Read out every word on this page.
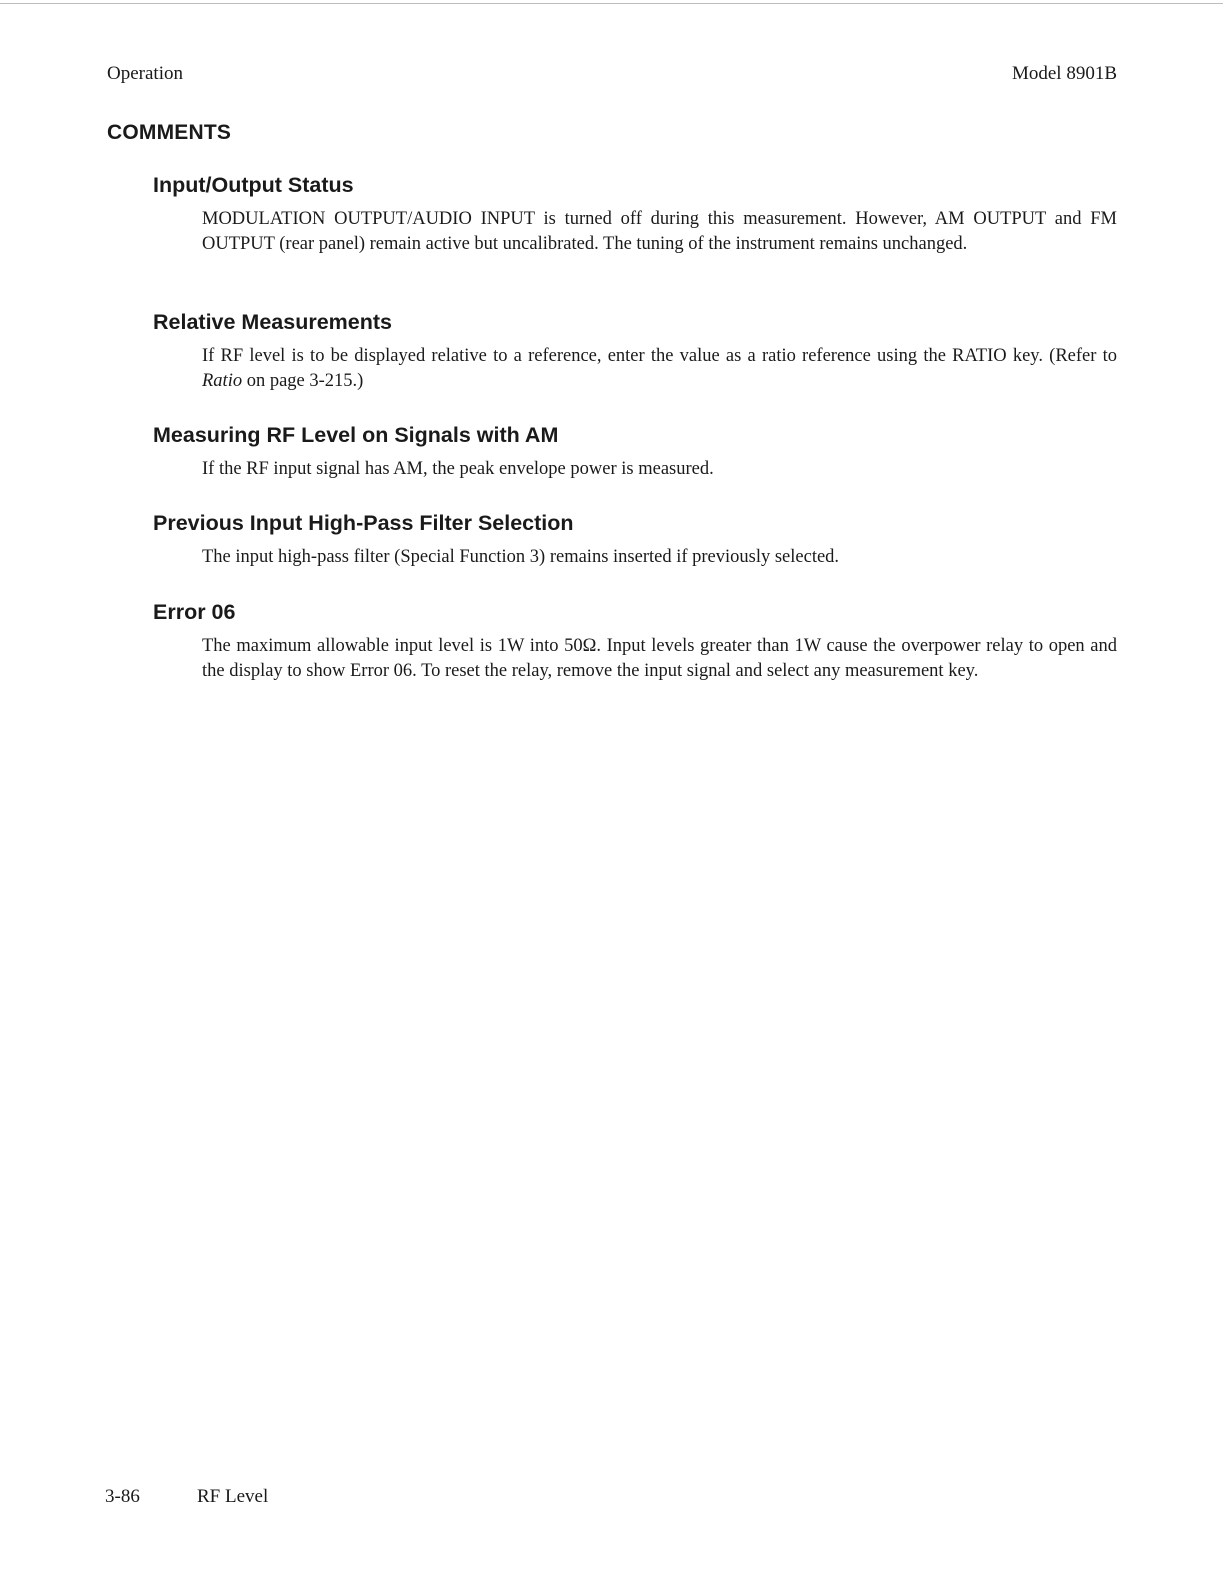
Operation	Model 8901B
COMMENTS
Input/Output Status

MODULATION OUTPUT/AUDIO INPUT is turned off during this measurement. However, AM OUTPUT and FM OUTPUT (rear panel) remain active but uncalibrated. The tuning of the instrument remains unchanged.

Relative Measurements

If RF level is to be displayed relative to a reference, enter the value as a ratio reference using the RATIO key. (Refer to Ratio on page 3-215.)

Measuring RF Level on Signals with AM

If the RF input signal has AM, the peak envelope power is measured.

Previous Input High-Pass Filter Selection

The input high-pass filter (Special Function 3) remains inserted if previously selected.

Error 06

The maximum allowable input level is 1W into 50Ω. Input levels greater than 1W cause the overpower relay to open and the display to show Error 06. To reset the relay, remove the input signal and select any measurement key.

3-86	RF Level
